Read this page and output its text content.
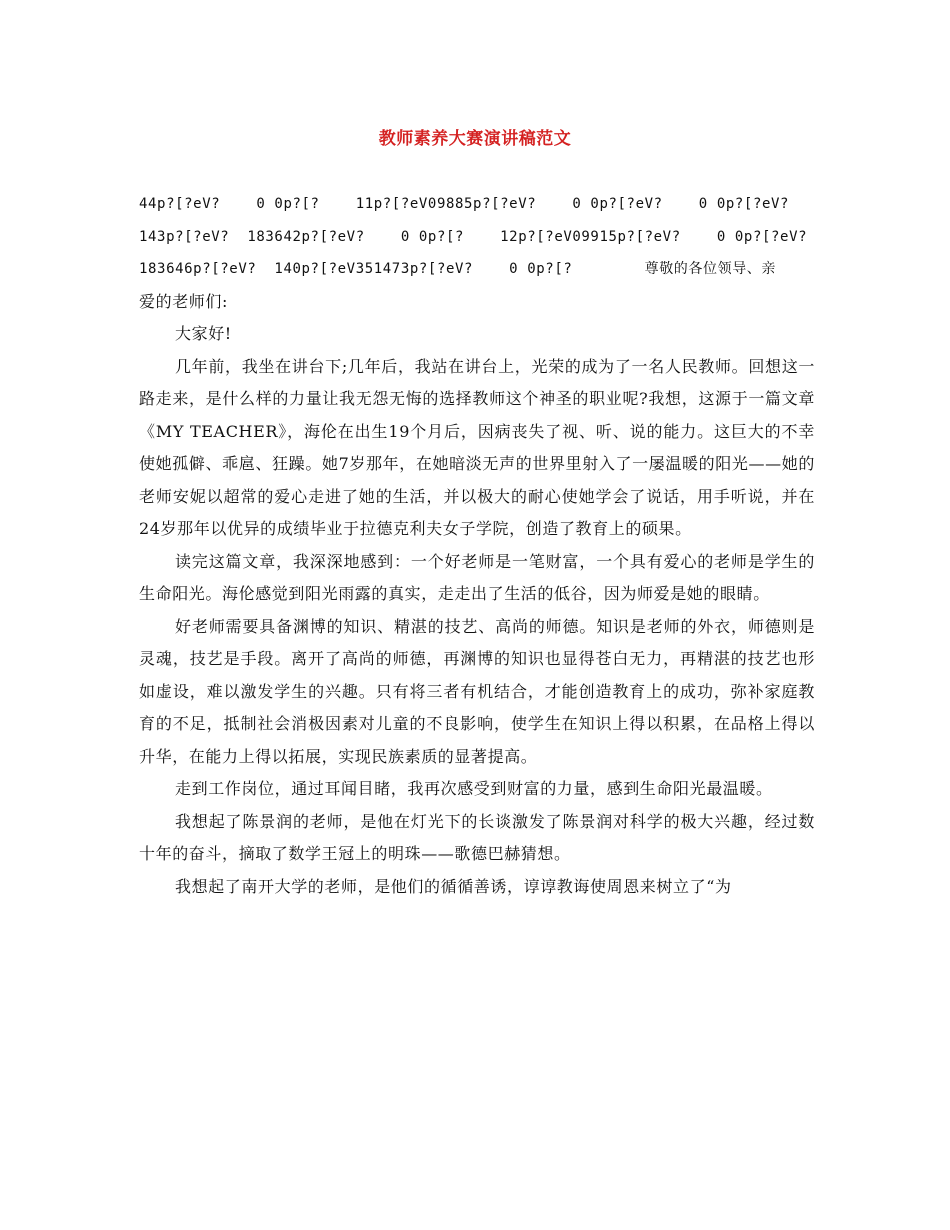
教师素养大赛演讲稿范文
44p?[?eV?    0 0p?[?    11p?[?eV09885p?[?eV?    0 0p?[?eV?    0 0p?[?eV?
143p?[?eV?  183642p?[?eV?    0 0p?[?    12p?[?eV09915p?[?eV?    0 0p?[?eV?
183646p?[?eV?  140p?[?eV351473p?[?eV?    0 0p?[?        尊敬的各位领导、亲
爱的老师们:

大家好!

几年前，我坐在讲台下;几年后，我站在讲台上，光荣的成为了一名人民教师。回想这一路走来，是什么样的力量让我无怨无悔的选择教师这个神圣的职业呢?我想，这源于一篇文章《MY TEACHER》，海伦在出生19个月后，因病丧失了视、听、说的能力。这巨大的不幸使她孤僻、乖扈、狂躁。她7岁那年，在她暗淡无声的世界里射入了一屡温暖的阳光——她的老师安妮以超常的爱心走进了她的生活，并以极大的耐心使她学会了说话，用手听说，并在24岁那年以优异的成绩毕业于拉德克利夫女子学院，创造了教育上的硕果。

读完这篇文章，我深深地感到：一个好老师是一笔财富，一个具有爱心的老师是学生的生命阳光。海伦感觉到阳光雨露的真实，走走出了生活的低谷，因为师爱是她的眼睛。

好老师需要具备渊博的知识、精湛的技艺、高尚的师德。知识是老师的外衣，师德则是灵魂，技艺是手段。离开了高尚的师德，再渊博的知识也显得苍白无力，再精湛的技艺也形如虚设，难以激发学生的兴趣。只有将三者有机结合，才能创造教育上的成功，弥补家庭教育的不足，抵制社会消极因素对儿童的不良影响，使学生在知识上得以积累，在品格上得以升华，在能力上得以拓展，实现民族素质的显著提高。

走到工作岗位，通过耳闻目睹，我再次感受到财富的力量，感到生命阳光最温暖。

我想起了陈景润的老师，是他在灯光下的长谈激发了陈景润对科学的极大兴趣，经过数十年的奋斗，摘取了数学王冠上的明珠——歌德巴赫猜想。

我想起了南开大学的老师，是他们的循循善诱，谆谆教诲使周恩来树立了“为
